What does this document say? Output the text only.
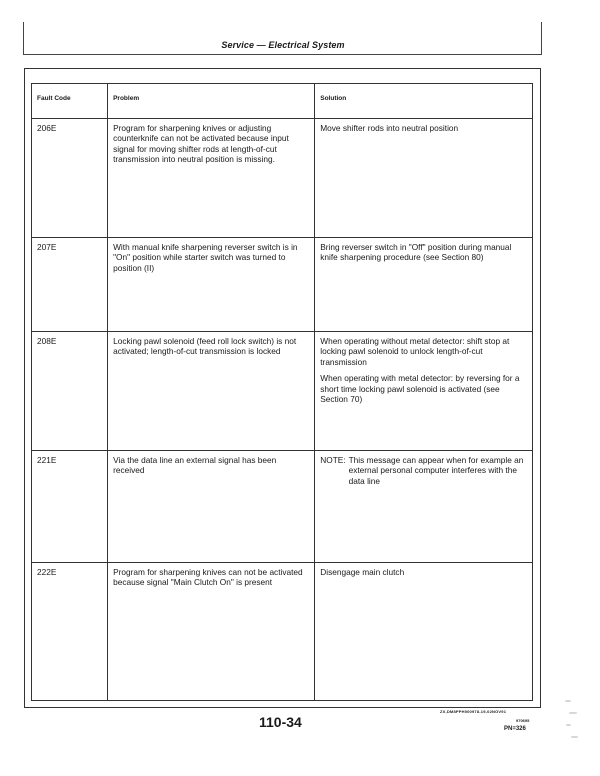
Service — Electrical System
Fault Code	Problem	Solution
206E	Program for sharpening knives or adjusting counterknife can not be activated because input signal for moving shifter rods at length-of-cut transmission into neutral position is missing.	Move shifter rods into neutral position

207E	With manual knife sharpening reverser switch is in "On" position while starter switch was turned to position (II)	Bring reverser switch in "Off" position during manual knife sharpening procedure (see Section 80)

208E	Locking pawl solenoid (feed roll lock switch) is not activated; length-of-cut transmission is locked	When operating without metal detector: shift stop at locking pawl solenoid to unlock length-of-cut transmission
When operating with metal detector: by reversing for a short time locking pawl solenoid is activated (see Section 70)

221E	Via the data line an external signal has been received	NOTE: This message can appear when for example an external personal computer interferes with the data line

222E	Program for sharpening knives can not be activated because signal "Main Clutch On" is present	Disengage main clutch
ZX,DM8PPH000978-19-02NOV91
110-34	970695
PN=326
